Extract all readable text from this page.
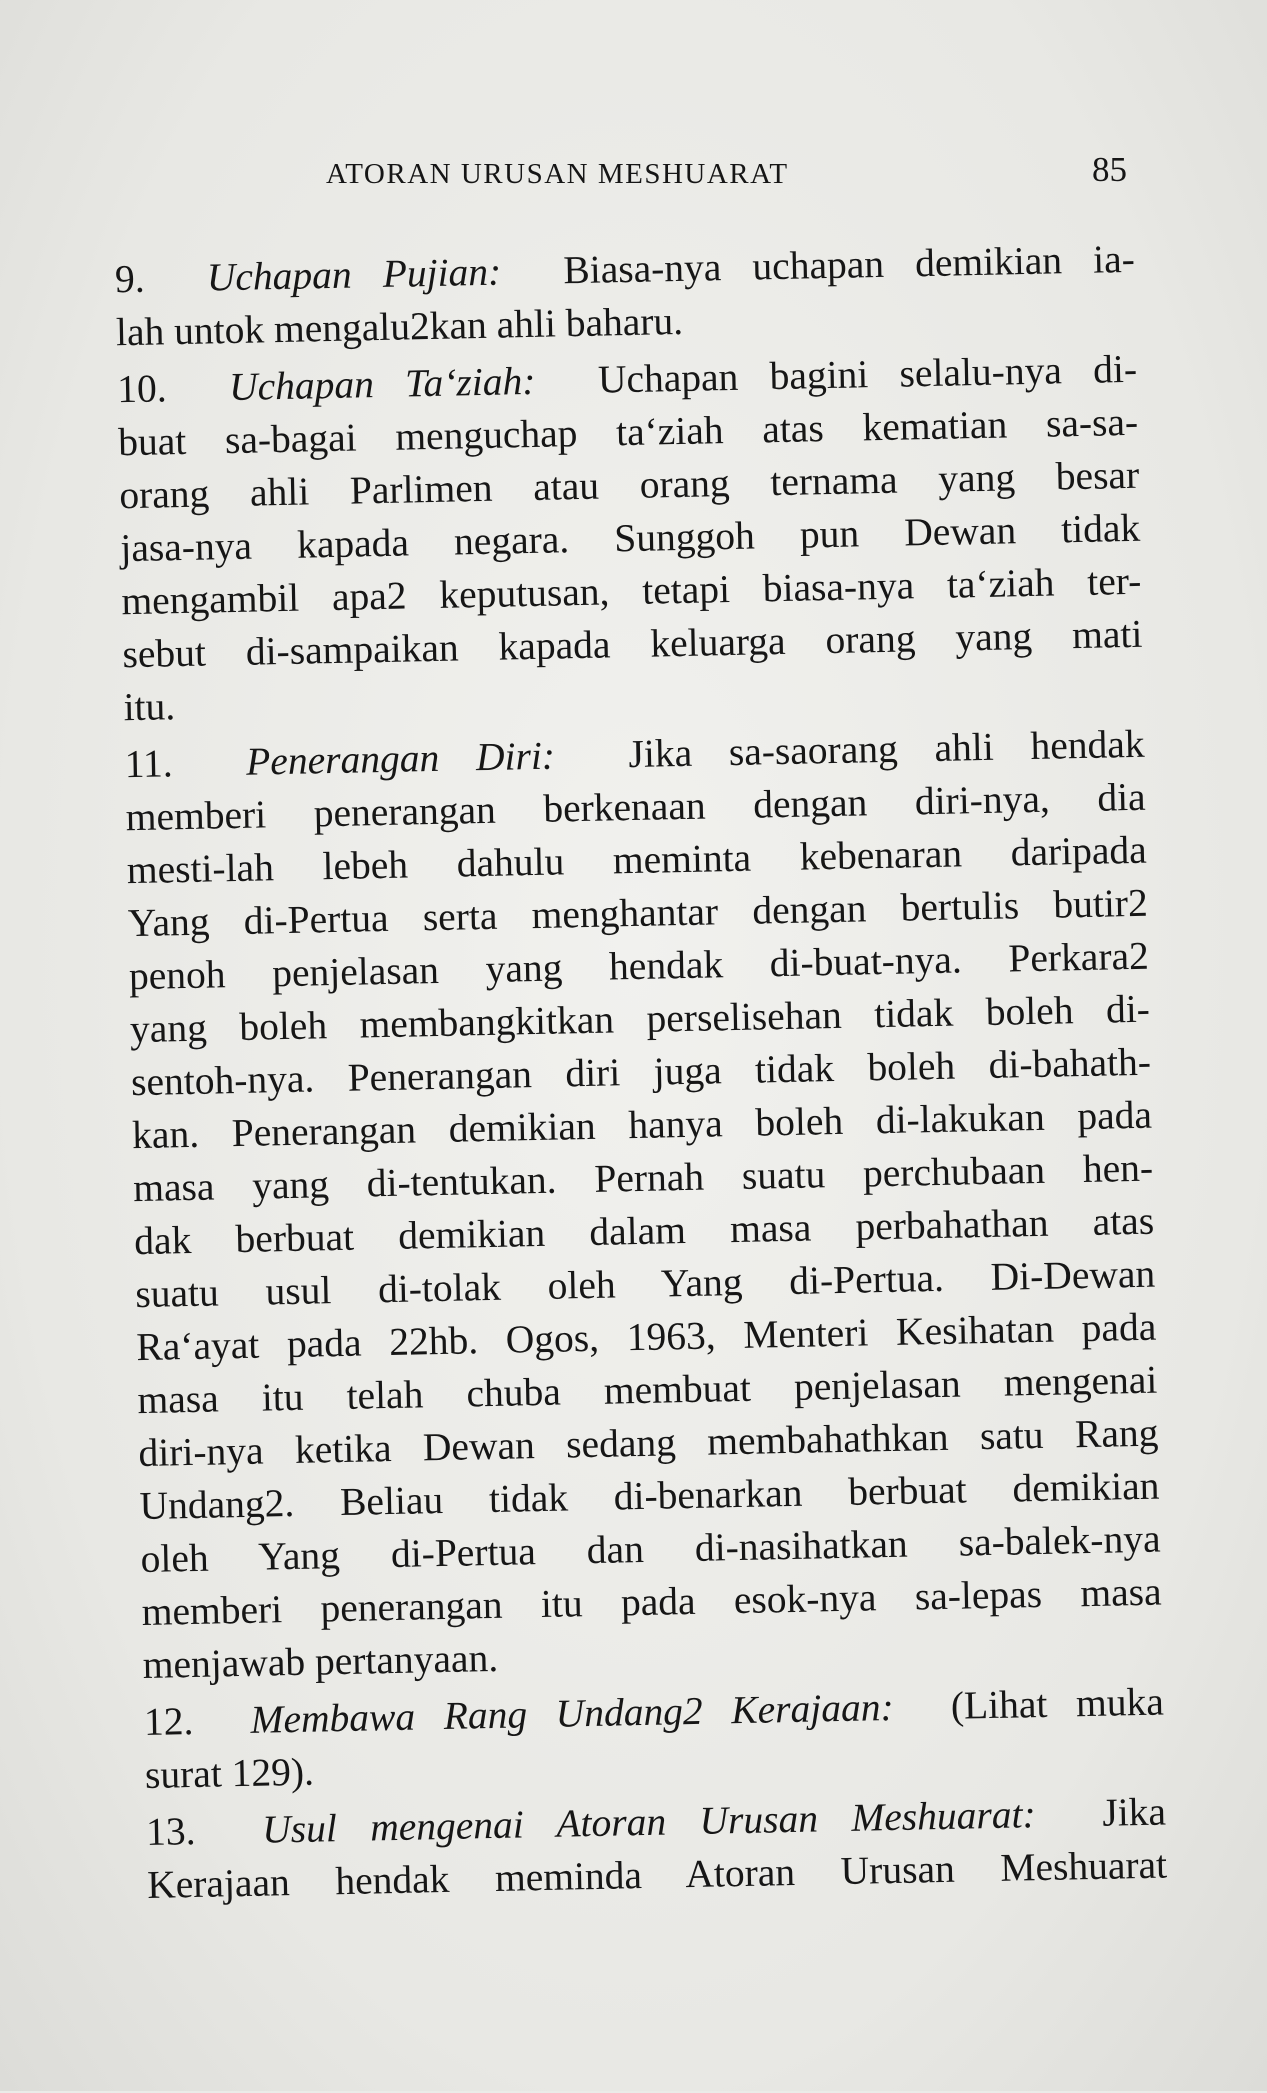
ATORAN URUSAN MESHUARAT	85
9. Uchapan Pujian: Biasa-nya uchapan demikian ia-
lah untok mengalu2kan ahli baharu.
10. Uchapan Ta‘ziah: Uchapan bagini selalu-nya di-
buat sa-bagai menguchap ta‘ziah atas kematian sa-sa-
orang ahli Parlimen atau orang ternama yang besar
jasa-nya kapada negara. Sunggoh pun Dewan tidak
mengambil apa2 keputusan, tetapi biasa-nya ta‘ziah ter-
sebut di-sampaikan kapada keluarga orang yang mati
itu.
11. Penerangan Diri: Jika sa-saorang ahli hendak
memberi penerangan berkenaan dengan diri-nya, dia
mesti-lah lebeh dahulu meminta kebenaran daripada
Yang di-Pertua serta menghantar dengan bertulis butir2
penoh penjelasan yang hendak di-buat-nya. Perkara2
yang boleh membangkitkan perselisehan tidak boleh di-
sentoh-nya. Penerangan diri juga tidak boleh di-bahath-
kan. Penerangan demikian hanya boleh di-lakukan pada
masa yang di-tentukan. Pernah suatu perchubaan hen-
dak berbuat demikian dalam masa perbahathan atas
suatu usul di-tolak oleh Yang di-Pertua. Di-Dewan
Ra‘ayat pada 22hb. Ogos, 1963, Menteri Kesihatan pada
masa itu telah chuba membuat penjelasan mengenai
diri-nya ketika Dewan sedang membahathkan satu Rang
Undang2. Beliau tidak di-benarkan berbuat demikian
oleh Yang di-Pertua dan di-nasihatkan sa-balek-nya
memberi penerangan itu pada esok-nya sa-lepas masa
menjawab pertanyaan.
12. Membawa Rang Undang2 Kerajaan: (Lihat muka
surat 129).
13. Usul mengenai Atoran Urusan Meshuarat: Jika
Kerajaan hendak meminda Atoran Urusan Meshuarat
